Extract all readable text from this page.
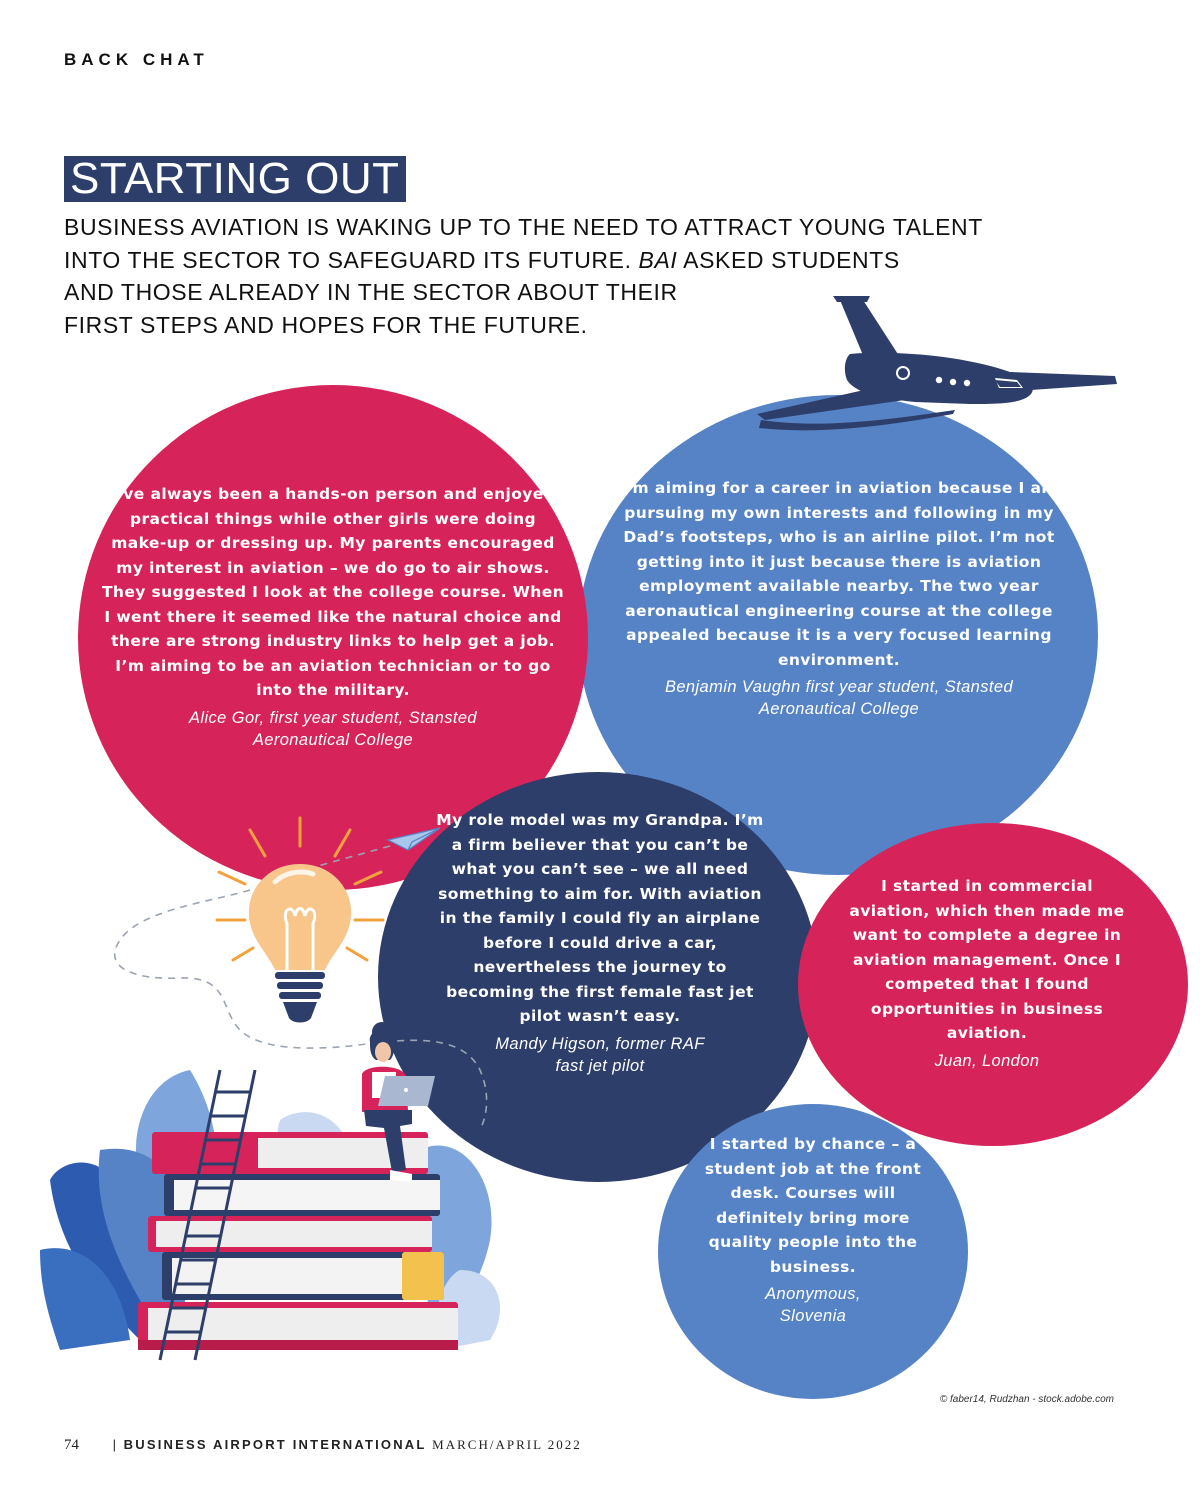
BACK CHAT
STARTING OUT

BUSINESS AVIATION IS WAKING UP TO THE NEED TO ATTRACT YOUNG TALENT

INTO THE SECTOR TO SAFEGUARD ITS FUTURE. BAI ASKED STUDENTS

AND THOSE ALREADY IN THE SECTOR ABOUT THEIR

FIRST STEPS AND HOPES FOR THE FUTURE.

I’ve always been a hands-on person and enjoyed practical things while other girls were doing make-up or dressing up. My parents encouraged my interest in aviation – we do go to air shows. They suggested I look at the college course. When I went there it seemed like the natural choice and there are strong industry links to help get a job. I’m aiming to be an aviation technician or to go into the military.

Alice Gor, first year student, Stansted Aeronautical College

I’m aiming for a career in aviation because I am pursuing my own interests and following in my Dad’s footsteps, who is an airline pilot. I’m not getting into it just because there is aviation employment available nearby. The two year aeronautical engineering course at the college appealed because it is a very focused learning environment.

Benjamin Vaughn first year student, Stansted Aeronautical College

My role model was my Grandpa. I’m a firm believer that you can’t be what you can’t see – we all need something to aim for. With aviation in the family I could fly an airplane before I could drive a car, nevertheless the journey to becoming the first female fast jet pilot wasn’t easy.

Mandy Higson, former RAF fast jet pilot

I started in commercial aviation, which then made me want to complete a degree in aviation management. Once I competed that I found opportunities in business aviation.

Juan, London

I started by chance – a student job at the front desk. Courses will definitely bring more quality people into the business.

Anonymous, Slovenia
© faber14, Rudzhan - stock.adobe.com
74	| BUSINESS AIRPORT INTERNATIONAL MARCH/APRIL 2022
